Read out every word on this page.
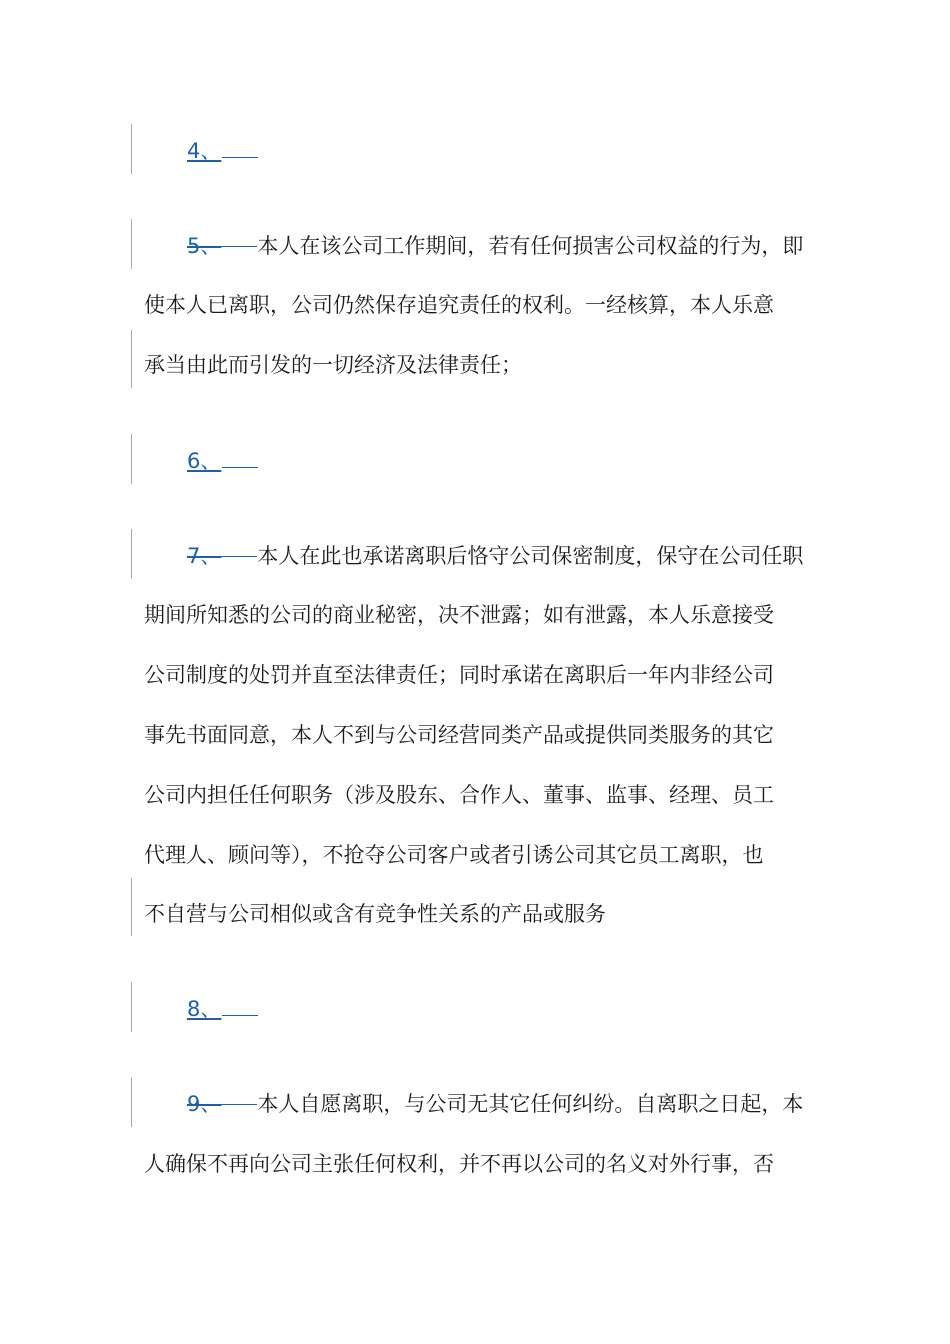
4、
5、 本人在该公司工作期间，若有任何损害公司权益的行为，即
使本人已离职，公司仍然保存追究责任的权利。一经核算，本人乐意
承当由此而引发的一切经济及法律责任；
6、
7、 本人在此也承诺离职后恪守公司保密制度，保守在公司任职
期间所知悉的公司的商业秘密，决不泄露；如有泄露，本人乐意接受
公司制度的处罚并直至法律责任；同时承诺在离职后一年内非经公司
事先书面同意，本人不到与公司经营同类产品或提供同类服务的其它
公司内担任任何职务（涉及股东、合作人、董事、监事、经理、员工
代理人、顾问等），不抢夺公司客户或者引诱公司其它员工离职，也
不自营与公司相似或含有竞争性关系的产品或服务
8、
9、 本人自愿离职，与公司无其它任何纠纷。自离职之日起，本
人确保不再向公司主张任何权利，并不再以公司的名义对外行事，否
